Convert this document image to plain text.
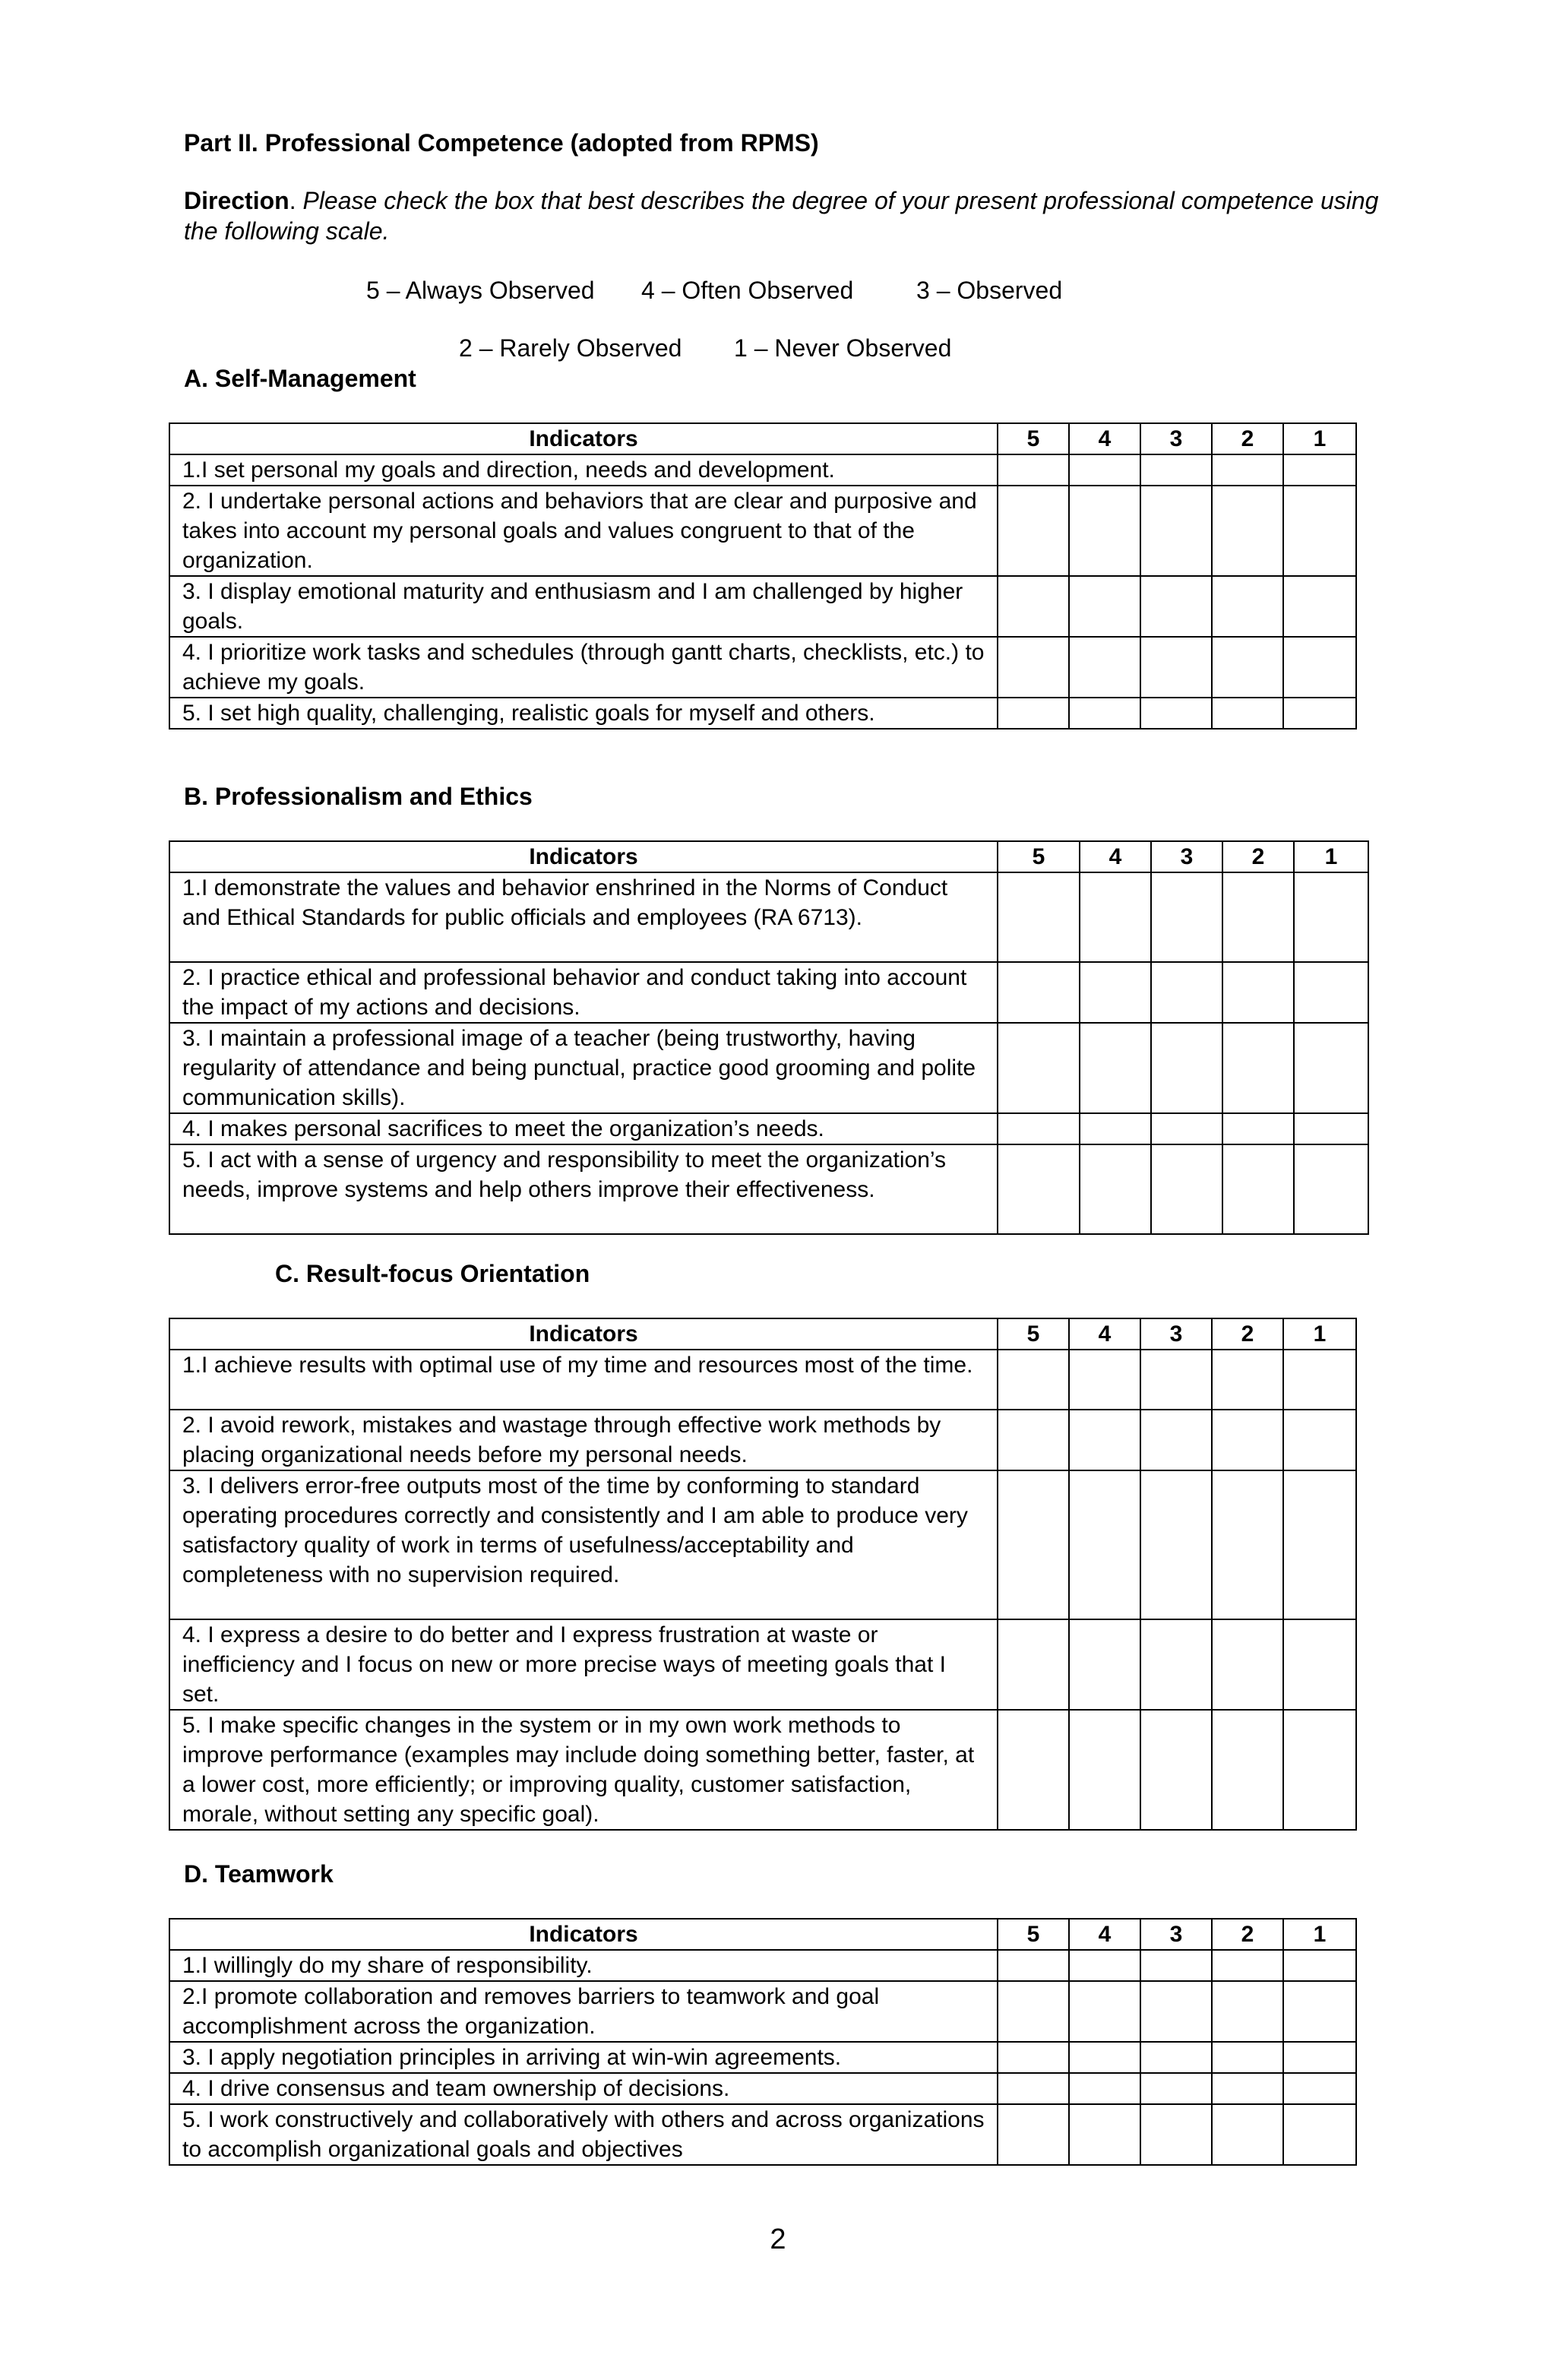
Part II. Professional Competence (adopted from RPMS)
Direction. Please check the box that best describes the degree of your present professional competence using the following scale.
5 – Always Observed 4 – Often Observed	3 – Observed
2 – Rarely Observed 1 – Never Observed
A. Self-Management
Indicators	5	4	3	2	1
1.I set personal my goals and direction, needs and development.					
2. I undertake personal actions and behaviors that are clear and purposive and takes into account my personal goals and values congruent to that of the organization.					
3. I display emotional maturity and enthusiasm and I am challenged by higher goals.					
4. I prioritize work tasks and schedules (through gantt charts, checklists, etc.) to achieve my goals.					
5. I set high quality, challenging, realistic goals for myself and others.					
B. Professionalism and Ethics
Indicators	5	4	3	2	1
1.I demonstrate the values and behavior enshrined in the Norms of Conduct and Ethical Standards for public officials and employees (RA 6713).					
2. I practice ethical and professional behavior and conduct taking into account the impact of my actions and decisions.					
3. I maintain a professional image of a teacher (being trustworthy, having regularity of attendance and being punctual, practice good grooming and polite communication skills).					
4. I makes personal sacrifices to meet the organization’s needs.					
5. I act with a sense of urgency and responsibility to meet the organization’s needs, improve systems and help others improve their effectiveness.					
C. Result-focus Orientation
Indicators	5	4	3	2	1
1.I achieve results with optimal use of my time and resources most of the time.					
2. I avoid rework, mistakes and wastage through effective work methods by placing organizational needs before my personal needs.					
3. I delivers error-free outputs most of the time by conforming to standard operating procedures correctly and consistently and I am able to produce very satisfactory quality of work in terms of usefulness/acceptability and completeness with no supervision required.					
4. I express a desire to do better and I express frustration at waste or inefficiency and I focus on new or more precise ways of meeting goals that I set.					
5. I make specific changes in the system or in my own work methods to improve performance (examples may include doing something better, faster, at a lower cost, more efficiently; or improving quality, customer satisfaction, morale, without setting any specific goal).					
D. Teamwork
Indicators	5	4	3	2	1
1.I willingly do my share of responsibility.					
2.I promote collaboration and removes barriers to teamwork and goal accomplishment across the organization.					
3. I apply negotiation principles in arriving at win-win agreements.					
4. I drive consensus and team ownership of decisions.					
5. I work constructively and collaboratively with others and across organizations to accomplish organizational goals and objectives					
2
